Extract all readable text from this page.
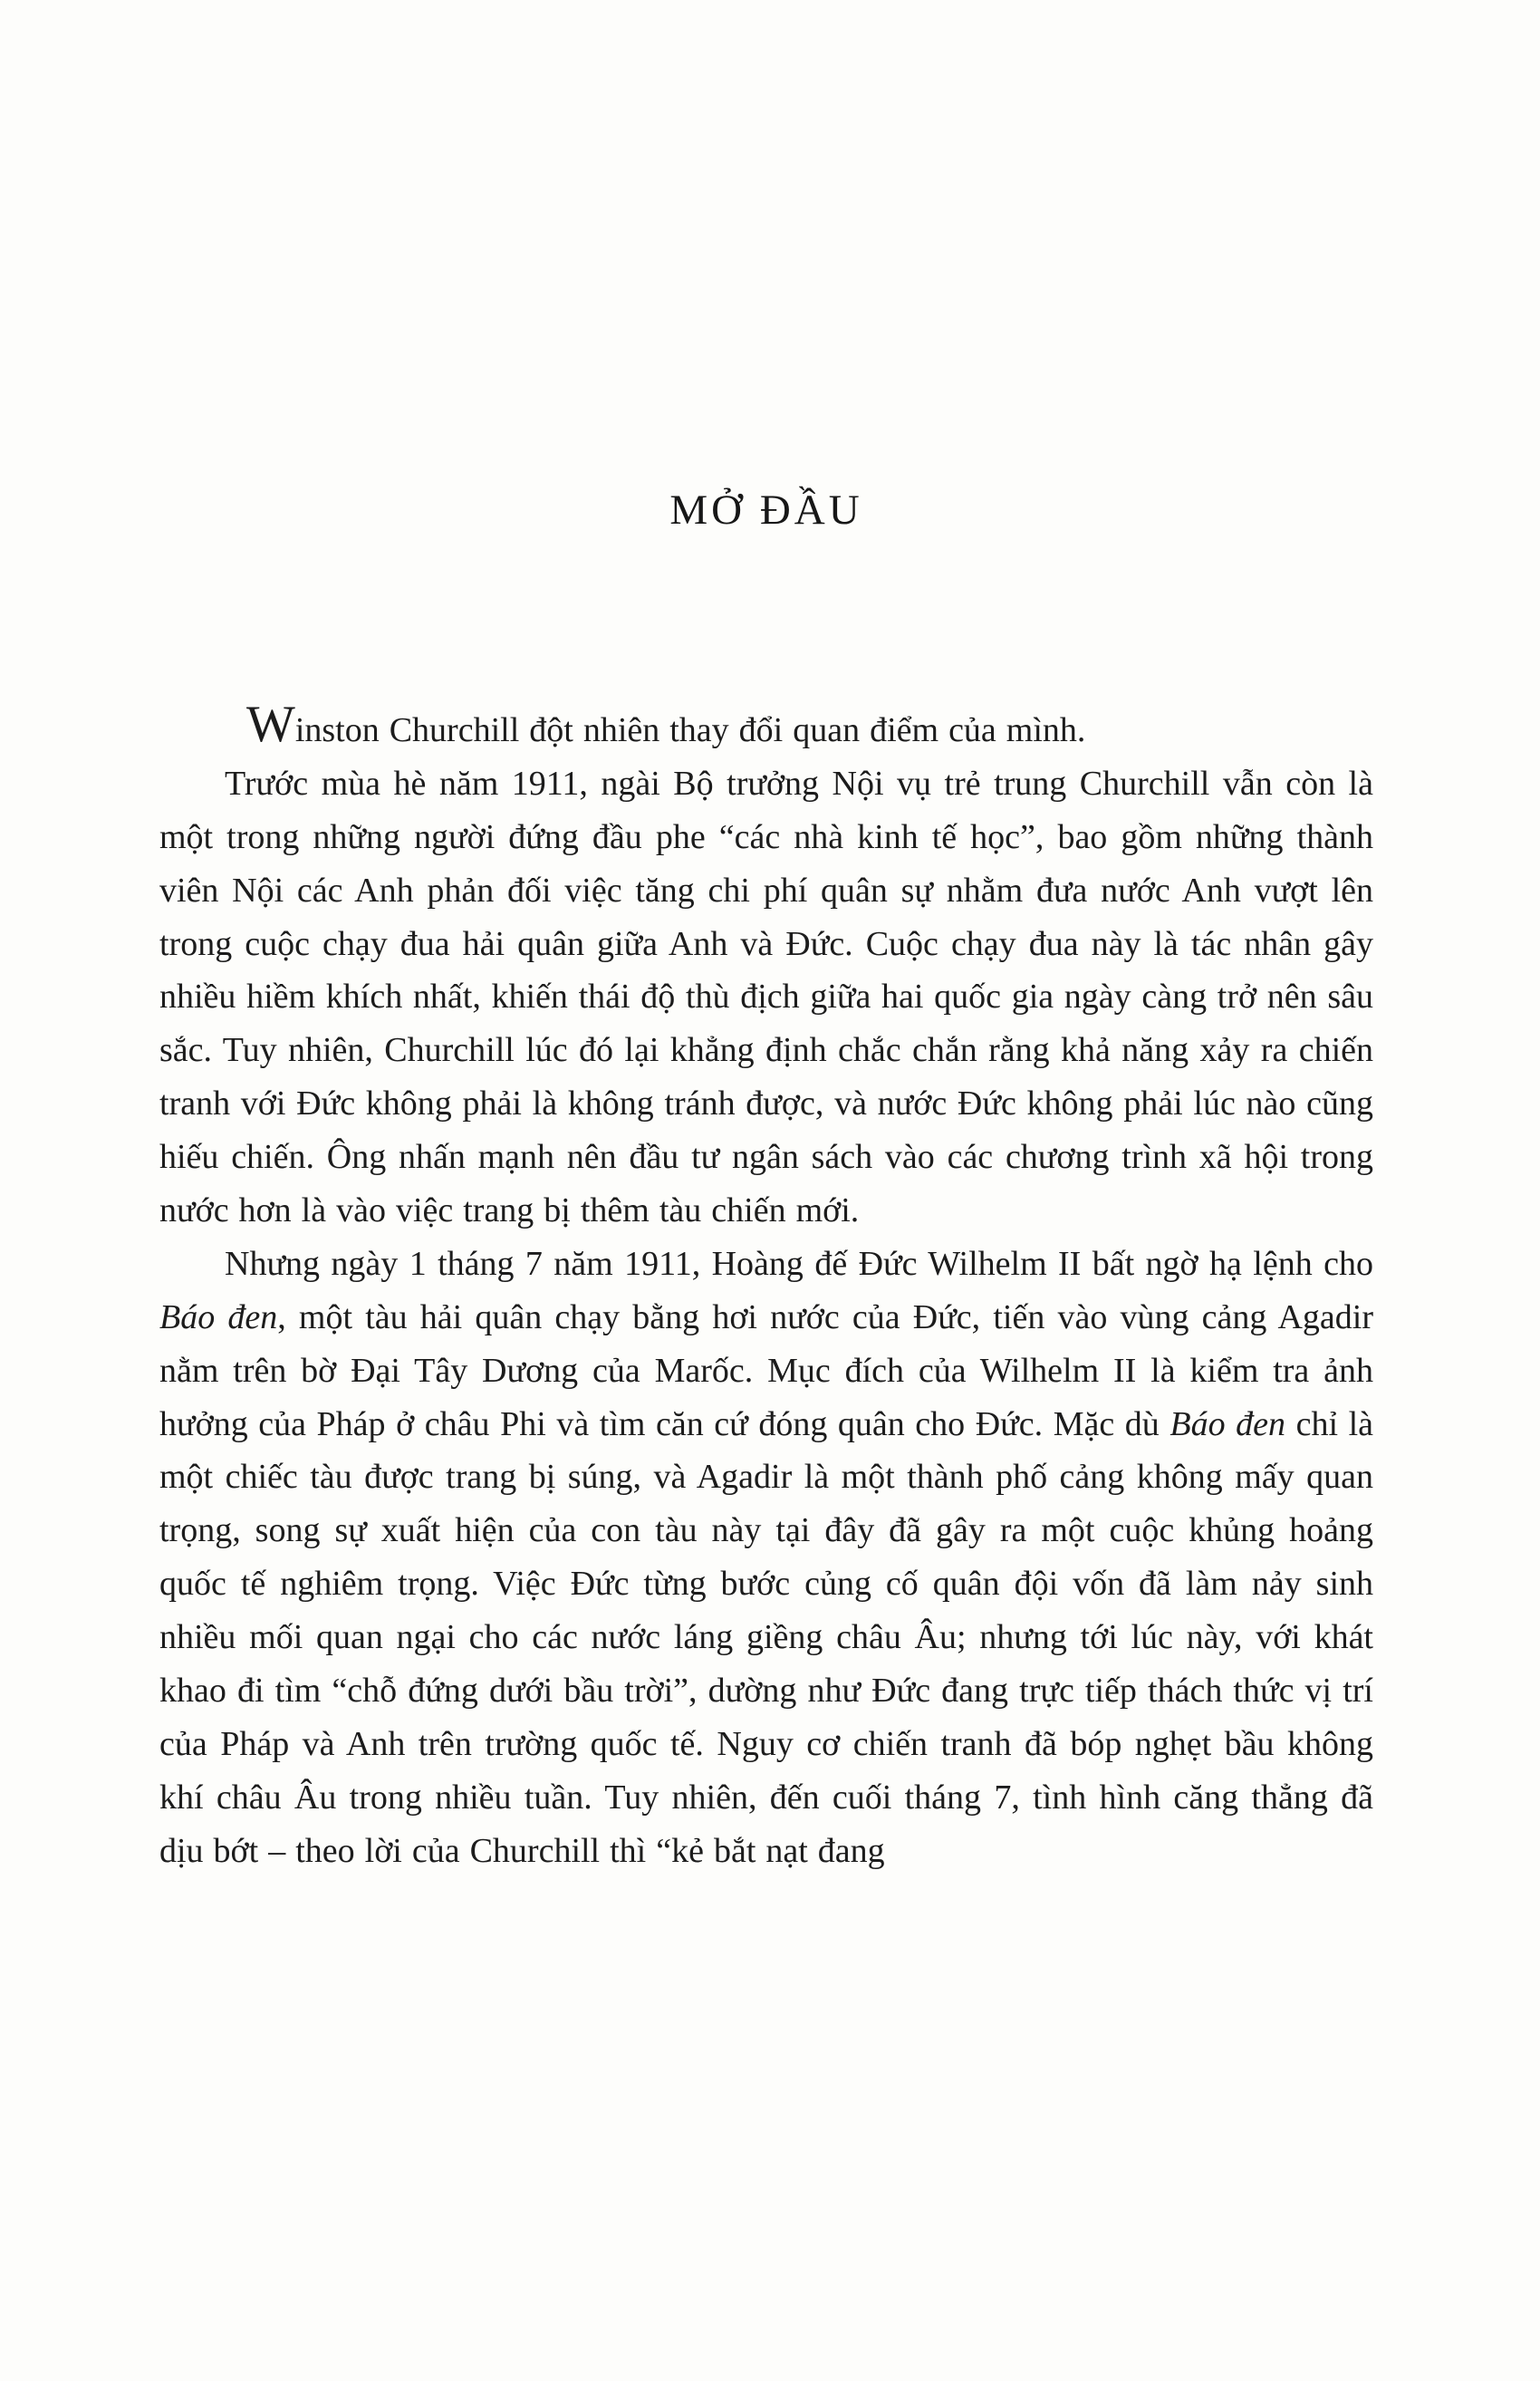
MỞ ĐẦU

Winston Churchill đột nhiên thay đổi quan điểm của mình.

Trước mùa hè năm 1911, ngài Bộ trưởng Nội vụ trẻ trung Churchill vẫn còn là một trong những người đứng đầu phe “các nhà kinh tế học”, bao gồm những thành viên Nội các Anh phản đối việc tăng chi phí quân sự nhằm đưa nước Anh vượt lên trong cuộc chạy đua hải quân giữa Anh và Đức. Cuộc chạy đua này là tác nhân gây nhiều hiềm khích nhất, khiến thái độ thù địch giữa hai quốc gia ngày càng trở nên sâu sắc. Tuy nhiên, Churchill lúc đó lại khẳng định chắc chắn rằng khả năng xảy ra chiến tranh với Đức không phải là không tránh được, và nước Đức không phải lúc nào cũng hiếu chiến. Ông nhấn mạnh nên đầu tư ngân sách vào các chương trình xã hội trong nước hơn là vào việc trang bị thêm tàu chiến mới.

Nhưng ngày 1 tháng 7 năm 1911, Hoàng đế Đức Wilhelm II bất ngờ hạ lệnh cho Báo đen, một tàu hải quân chạy bằng hơi nước của Đức, tiến vào vùng cảng Agadir nằm trên bờ Đại Tây Dương của Marốc. Mục đích của Wilhelm II là kiểm tra ảnh hưởng của Pháp ở châu Phi và tìm căn cứ đóng quân cho Đức. Mặc dù Báo đen chỉ là một chiếc tàu được trang bị súng, và Agadir là một thành phố cảng không mấy quan trọng, song sự xuất hiện của con tàu này tại đây đã gây ra một cuộc khủng hoảng quốc tế nghiêm trọng. Việc Đức từng bước củng cố quân đội vốn đã làm nảy sinh nhiều mối quan ngại cho các nước láng giềng châu Âu; nhưng tới lúc này, với khát khao đi tìm “chỗ đứng dưới bầu trời”, dường như Đức đang trực tiếp thách thức vị trí của Pháp và Anh trên trường quốc tế. Nguy cơ chiến tranh đã bóp nghẹt bầu không khí châu Âu trong nhiều tuần. Tuy nhiên, đến cuối tháng 7, tình hình căng thẳng đã dịu bớt – theo lời của Churchill thì “kẻ bắt nạt đang
